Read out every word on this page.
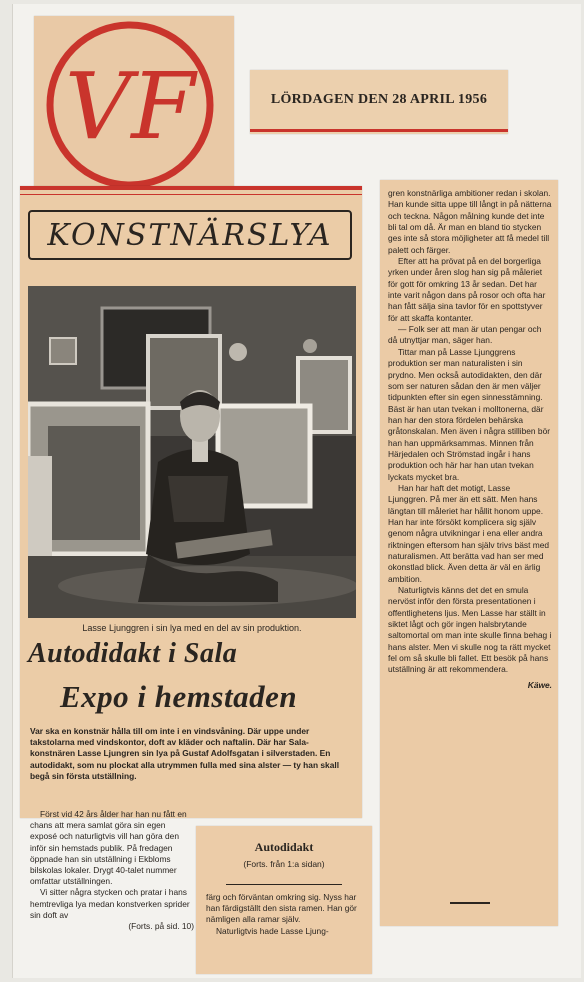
VF	LÖRDAGEN DEN 28 APRIL 1956
KONSTNÄRSLYA
Lasse Ljunggren i sin lya med en del av sin produktion.
Autodidakt i Sala
Expo i hemstaden
Var ska en konstnär hålla till om inte i en vindsvåning. Där uppe under takstolarna med vindskontor, doft av kläder och naftalin. Där har Sala-konstnären Lasse Ljungren sin lya på Gustaf Adolfsgatan i silverstaden. En autodidakt, som nu plockat alla utrymmen fulla med sina alster — ty han skall begå sin första utställning.

Först vid 42 års ålder har han nu fått en chans att mera samlat göra sin egen exposé och naturligtvis vill han göra den inför sin hemstads publik. På fredagen öppnade han sin utställning i Ekbloms bilskolas lokaler. Drygt 40-talet nummer omfattar utställningen.

Vi sitter några stycken och pratar i hans hemtrevliga lya medan konstverken sprider sin doft av

(Forts. på sid. 10)

Autodidakt
(Forts. från 1:a sidan)

färg och förväntan omkring sig. Nyss har han färdigställt den sista ramen. Han gör nämligen alla ramar själv.

Naturligtvis hade Lasse Ljung-

gren konstnärliga ambitioner redan i skolan. Han kunde sitta uppe till långt in på nätterna och teckna. Någon målning kunde det inte bli tal om då. Är man en bland tio stycken ges inte så stora möjligheter att få medel till palett och färger.

Efter att ha prövat på en del borgerliga yrken under åren slog han sig på måleriet för gott för omkring 13 år sedan. Det har inte varit någon dans på rosor och ofta har han fått sälja sina tavlor för en spottstyver för att skaffa kontanter.

— Folk ser att man är utan pengar och då utnyttjar man, säger han.

Tittar man på Lasse Ljunggrens produktion ser man naturalisten i sin prydno. Men också autodidakten, den där som ser naturen sådan den är men väljer tidpunkten efter sin egen sinnesstämning. Bäst är han utan tvekan i molltonerna, där han har den stora fördelen behärska gråtonskalan. Men även i några stilliben bör han han uppmärksammas. Minnen från Härjedalen och Strömstad ingår i hans produktion och här har han utan tvekan lyckats mycket bra.

Han har haft det motigt, Lasse Ljunggren. På mer än ett sätt. Men hans längtan till måleriet har hållit honom uppe. Han har inte försökt komplicera sig själv genom några utvikningar i ena eller andra riktningen eftersom han själv trivs bäst med naturalismen. Att berätta vad han ser med okonstlad blick. Även detta är väl en ärlig ambition.

Naturligtvis känns det det en smula nervöst inför den första presentationen i offentlighetens ljus. Men Lasse har ställt in siktet lågt och gör ingen halsbrytande saltomortal om man inte skulle finna behag i hans alster. Men vi skulle nog ta rätt mycket fel om så skulle bli fallet. Ett besök på hans utställning är att rekommendera.

Käwe.
